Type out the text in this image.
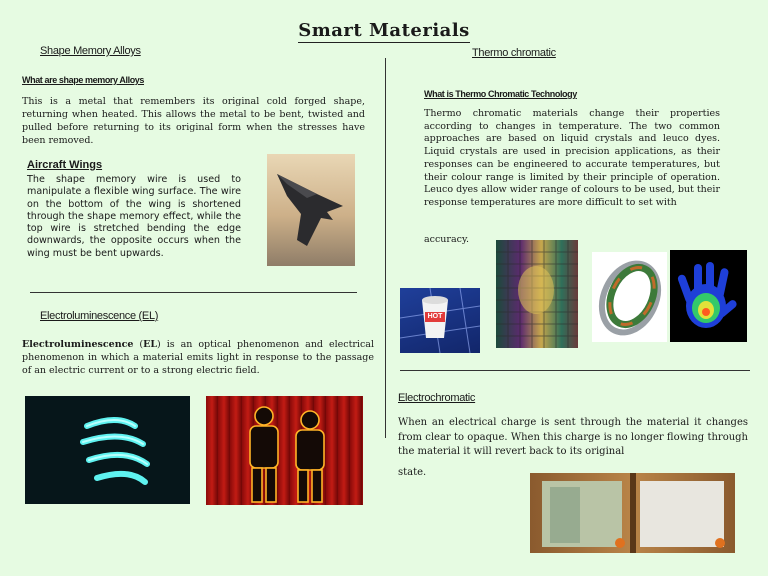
Smart Materials
Shape Memory Alloys
What are shape memory Alloys
This is a metal that remembers its original cold forged shape, returning when heated. This allows the metal to be bent, twisted and pulled before returning to its original form when the stresses have been removed.
Aircraft Wings
The shape memory wire is used to manipulate a flexible wing surface. The wire on the bottom of the wing is shortened through the shape memory effect, while the top wire is stretched bending the edge downwards, the opposite occurs when the wing must be bent upwards.
Electroluminescence (EL)
Electroluminescence (EL) is an optical phenomenon and electrical phenomenon in which a material emits light in response to the passage of an electric current or to a strong electric field.
Thermo chromatic
What is Thermo Chromatic Technology
Thermo chromatic materials change their properties according to changes in temperature. The two common approaches are based on liquid crystals and leuco dyes. Liquid crystals are used in precision applications, as their responses can be engineered to accurate temperatures, but their colour range is limited by their principle of operation. Leuco dyes allow wider range of colours to be used, but their response temperatures are more difficult to set with
accuracy.
HOT
Electrochromatic
When an electrical charge is sent through the material it changes from clear to opaque. When this charge is no longer flowing through the material it will revert back to its original
state.
